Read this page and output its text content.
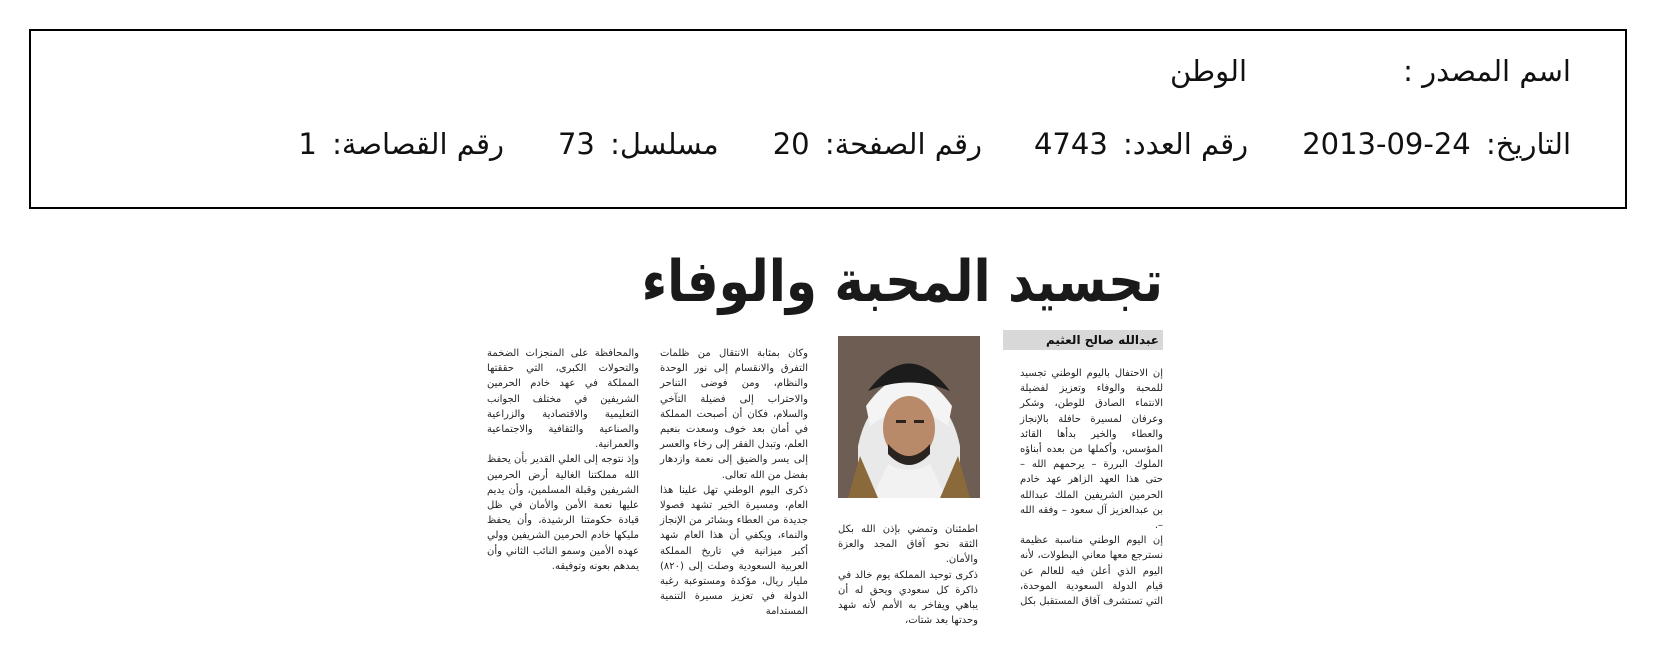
اسم المصدر :
الوطن
التاريخ: 2013-09-24
رقم العدد: 4743
رقم الصفحة: 20
مسلسل: 73
رقم القصاصة: 1
تجسيد المحبة والوفاء
عبدالله صالح العثيم

إن الاحتفال باليوم الوطني تجسيد للمحبة والوفاء وتعزيز لفضيلة الانتماء الصادق للوطن، وشكر وعرفان لمسيرة حافلة بالإنجاز والعطاء والخير بدأها القائد المؤسس، وأكملها من بعده أبناؤه الملوك البررة – يرحمهم الله – حتى هذا العهد الزاهر عهد خادم الحرمين الشريفين الملك عبدالله بن عبدالعزيز آل سعود – وفقه الله –.

إن اليوم الوطني مناسبة عظيمة نسترجع معها معاني البطولات، لأنه اليوم الذي أعلن فيه للعالم عن قيام الدولة السعودية الموحدة، التي تستشرف آفاق المستقبل بكل

اطمئنان وتمضي بإذن الله بكل الثقة نحو آفاق المجد والعزة والأمان.

ذكرى توحيد المملكة يوم خالد في ذاكرة كل سعودي ويحق له أن يباهي ويفاخر به الأمم لأنه شهد وحدتها بعد شتات،

وكان بمثابة الانتقال من ظلمات التفرق والانقسام إلى نور الوحدة والنظام، ومن فوضى التناحر والاحتراب إلى فضيلة التآخي والسلام، فكان أن أصبحت المملكة في أمان بعد خوف وسعدت بنعيم العلم، وتبدل الفقر إلى رخاء والعسر إلى يسر والضيق إلى نعمة وازدهار بفضل من الله تعالى.

ذكرى اليوم الوطني تهل علينا هذا العام، ومسيرة الخير تشهد فصولا جديدة من العطاء وبشائر من الإنجاز والنماء، ويكفي أن هذا العام شهد أكبر ميزانية في تاريخ المملكة العربية السعودية وصلت إلى (٨٢٠) مليار ريال، مؤكدة ومستوعبة رغبة الدولة في تعزيز مسيرة التنمية المستدامة

والمحافظة على المنجزات الضخمة والتحولات الكبرى، التي حققتها المملكة في عهد خادم الحرمين الشريفين في مختلف الجوانب التعليمية والاقتصادية والزراعية والصناعية والثقافية والاجتماعية والعمرانية.

وإذ نتوجه إلى العلي القدير بأن يحفظ الله مملكتنا الغالية أرض الحرمين الشريفين وقبلة المسلمين، وأن يديم عليها نعمة الأمن والأمان في ظل قيادة حكومتنا الرشيدة، وأن يحفظ مليكها خادم الحرمين الشريفين وولي عهده الأمين وسمو النائب الثاني وأن يمدهم بعونه وتوفيقه.
